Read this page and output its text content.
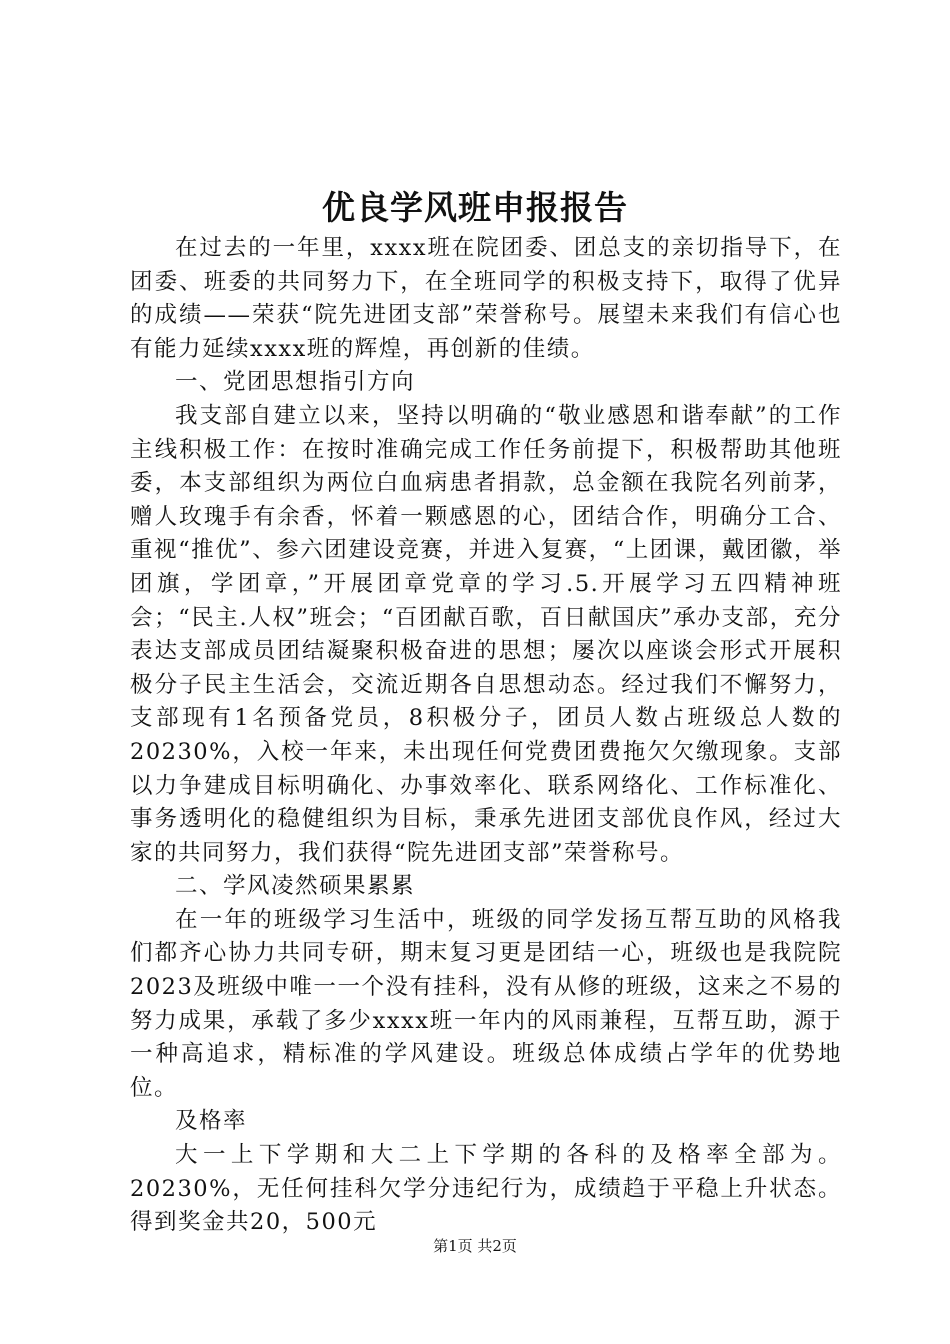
优良学风班申报报告

在过去的一年里，xxxx班在院团委、团总支的亲切指导下，在团委、班委的共同努力下，在全班同学的积极支持下，取得了优异的成绩——荣获“院先进团支部”荣誉称号。展望未来我们有信心也有能力延续xxxx班的辉煌，再创新的佳绩。

一、党团思想指引方向

我支部自建立以来，坚持以明确的“敬业感恩和谐奉献”的工作主线积极工作：在按时准确完成工作任务前提下，积极帮助其他班委，本支部组织为两位白血病患者捐款，总金额在我院名列前茅，赠人玫瑰手有余香，怀着一颗感恩的心，团结合作，明确分工合、重视“推优”、参六团建设竞赛，并进入复赛，“上团课，戴团徽，举团旗，学团章，”开展团章党章的学习.5.开展学习五四精神班会；“民主.人权”班会；“百团献百歌，百日献国庆”承办支部，充分表达支部成员团结凝聚积极奋进的思想；屡次以座谈会形式开展积极分子民主生活会，交流近期各自思想动态。经过我们不懈努力，支部现有1名预备党员，8积极分子，团员人数占班级总人数的20230%，入校一年来，未出现任何党费团费拖欠欠缴现象。支部以力争建成目标明确化、办事效率化、联系网络化、工作标准化、事务透明化的稳健组织为目标，秉承先进团支部优良作风，经过大家的共同努力，我们获得“院先进团支部”荣誉称号。

二、学风凌然硕果累累

在一年的班级学习生活中，班级的同学发扬互帮互助的风格我们都齐心协力共同专研，期末复习更是团结一心，班级也是我院院2023及班级中唯一一个没有挂科，没有从修的班级，这来之不易的努力成果，承载了多少xxxx班一年内的风雨兼程，互帮互助，源于一种高追求，精标准的学风建设。班级总体成绩占学年的优势地位。

及格率

大一上下学期和大二上下学期的各科的及格率全部为。20230%，无任何挂科欠学分违纪行为，成绩趋于平稳上升状态。得到奖金共20，500元

第1页 共2页
